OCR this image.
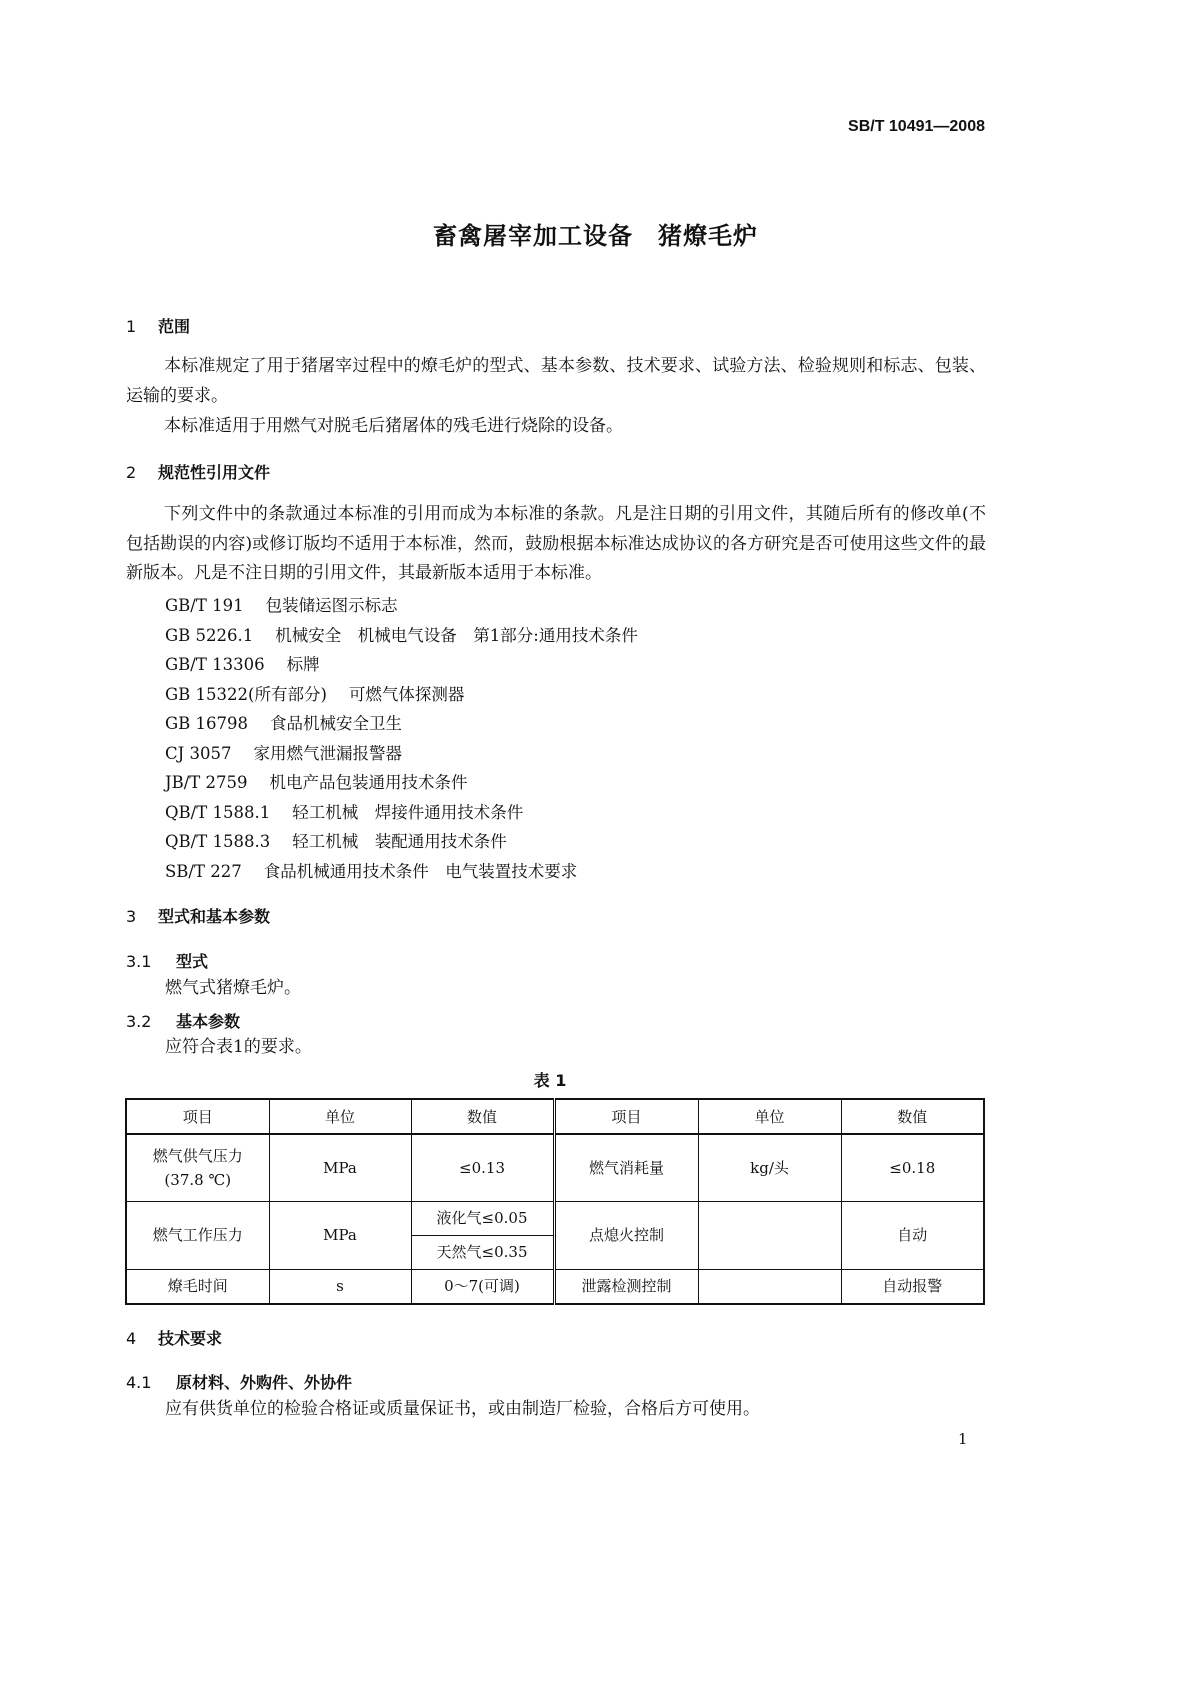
SB/T 10491—2008
畜禽屠宰加工设备　猪燎毛炉
1 范围
本标准规定了用于猪屠宰过程中的燎毛炉的型式、基本参数、技术要求、试验方法、检验规则和标志、包装、运输的要求。
本标准适用于用燃气对脱毛后猪屠体的残毛进行烧除的设备。
2 规范性引用文件
下列文件中的条款通过本标准的引用而成为本标准的条款。凡是注日期的引用文件，其随后所有的修改单(不包括勘误的内容)或修订版均不适用于本标准，然而，鼓励根据本标准达成协议的各方研究是否可使用这些文件的最新版本。凡是不注日期的引用文件，其最新版本适用于本标准。
GB/T 191 包装储运图示标志
GB 5226.1 机械安全　机械电气设备　第1部分:通用技术条件
GB/T 13306 标牌
GB 15322(所有部分) 可燃气体探测器
GB 16798 食品机械安全卫生
CJ 3057 家用燃气泄漏报警器
JB/T 2759 机电产品包装通用技术条件
QB/T 1588.1 轻工机械　焊接件通用技术条件
QB/T 1588.3 轻工机械　装配通用技术条件
SB/T 227 食品机械通用技术条件　电气装置技术要求
3 型式和基本参数
3.1 型式
燃气式猪燎毛炉。
3.2 基本参数
应符合表1的要求。
表 1
项目	单位	数值	项目	单位	数值

燃气供气压力
(37.8 ℃)	MPa	≤0.13	燃气消耗量	kg/头	≤0.18
燃气工作压力	MPa	液化气≤0.05	点熄火控制		自动
		天然气≤0.35			
燎毛时间	s	0～7(可调)	泄露检测控制		自动报警
4 技术要求
4.1 原材料、外购件、外协件
应有供货单位的检验合格证或质量保证书，或由制造厂检验，合格后方可使用。
1
